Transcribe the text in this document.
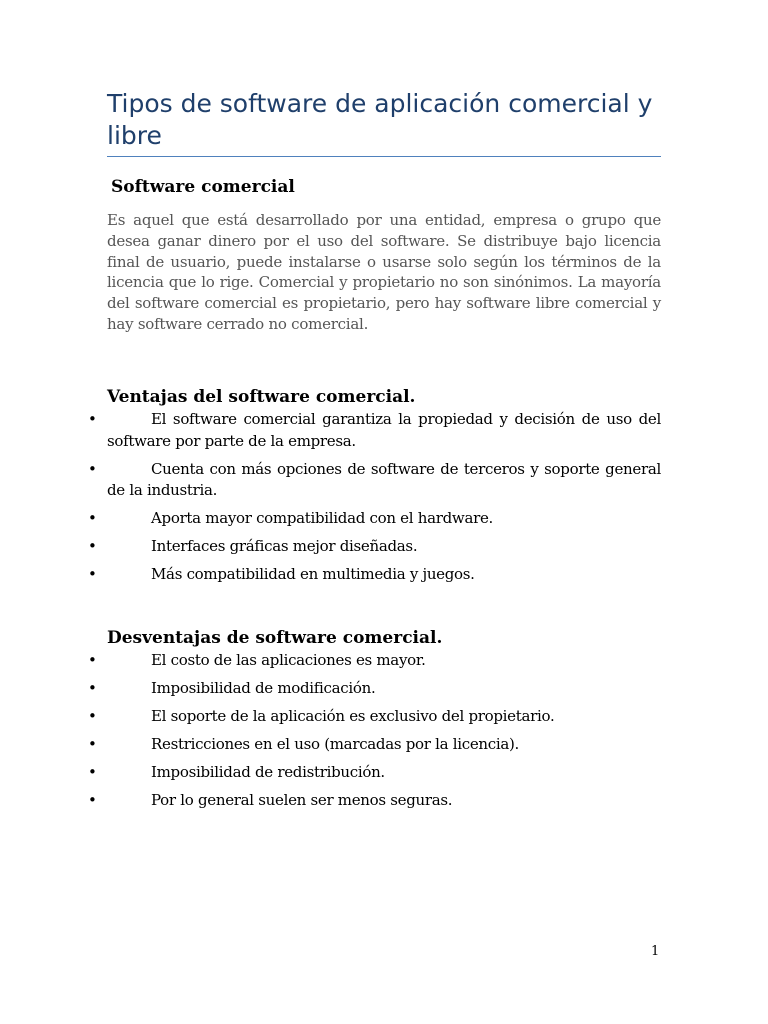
Tipos de software de aplicación comercial y libre
Software comercial

Es aquel que está desarrollado por una entidad, empresa o grupo que desea ganar dinero por el uso del software. Se distribuye bajo licencia final de usuario, puede instalarse o usarse solo según los términos de la licencia que lo rige. Comercial y propietario no son sinónimos. La mayoría del software comercial es propietario, pero hay software libre comercial y hay software cerrado no comercial.

Ventajas del software comercial.
•	El software comercial garantiza la propiedad y decisión de uso del software por parte de la empresa.
•	Cuenta con más opciones de software de terceros y soporte general de la industria.
•	Aporta mayor compatibilidad con el hardware.
•	Interfaces gráficas mejor diseñadas.
•	Más compatibilidad en multimedia y juegos.
Desventajas de software comercial.
•	El costo de las aplicaciones es mayor.
•	Imposibilidad de modificación.
•	El soporte de la aplicación es exclusivo del propietario.
•	Restricciones en el uso (marcadas por la licencia).
•	Imposibilidad de redistribución.
•	Por lo general suelen ser menos seguras.
1
